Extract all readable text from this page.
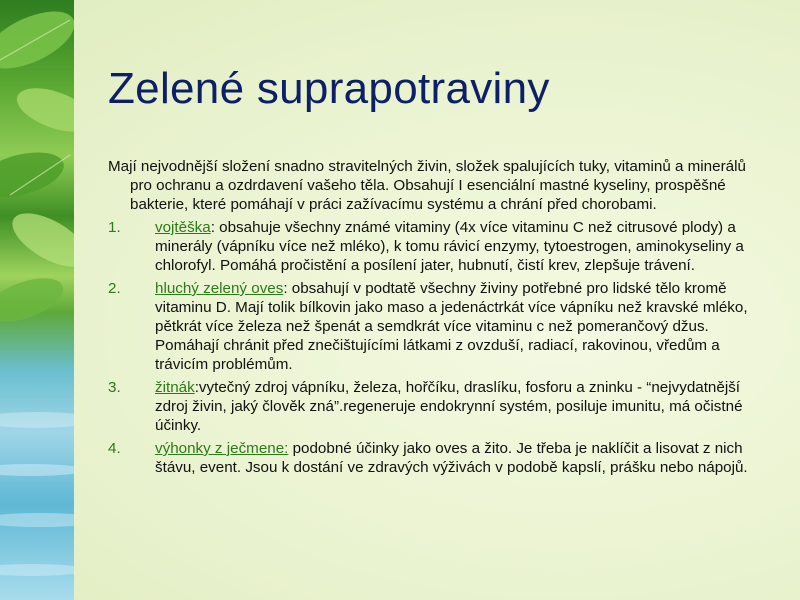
Zelené suprapotraviny

Mají nejvodnější složení snadno stravitelných živin, složek spalujících tuky, vitaminů a minerálů pro ochranu a ozdrdavení vašeho těla. Obsahují I esenciální mastné kyseliny, prospěšné bakterie, které pomáhají v práci zažívacímu systému a chrání před chorobami.

1. vojtěška: obsahuje všechny známé vitaminy (4x více vitaminu C než citrusové plody) a minerály (vápníku více než mléko), k tomu rávicí enzymy, tytoestrogen, aminokyseliny a chlorofyl. Pomáhá pročistění a posílení jater, hubnutí, čistí krev, zlepšuje trávení.
2. hluchý zelený oves: obsahují v podtatě všechny živiny potřebné pro lidské tělo kromě vitaminu D. Mají tolik bílkovin jako maso a jedenáctrkát více vápníku než kravské mléko, pětkrát více železa než špenát a semdkrát více vitaminu c než pomerančový džus. Pomáhají chránit před znečištujícími látkami z ovzduší, radiací, rakovinou, vředům a trávicím problémům.
3. žitnák:vytečný zdroj vápníku, železa, hořčíku, draslíku, fosforu a zninku - “nejvydatnější zdroj živin, jaký člověk zná”.regeneruje endokrynní systém, posiluje imunitu, má očistné účinky.
4. výhonky z ječmene: podobné účinky jako oves a žito. Je třeba je naklíčit a lisovat z nich štávu, event. Jsou k dostání ve zdravých výživách v podobě kapslí, prášku nebo nápojů.
